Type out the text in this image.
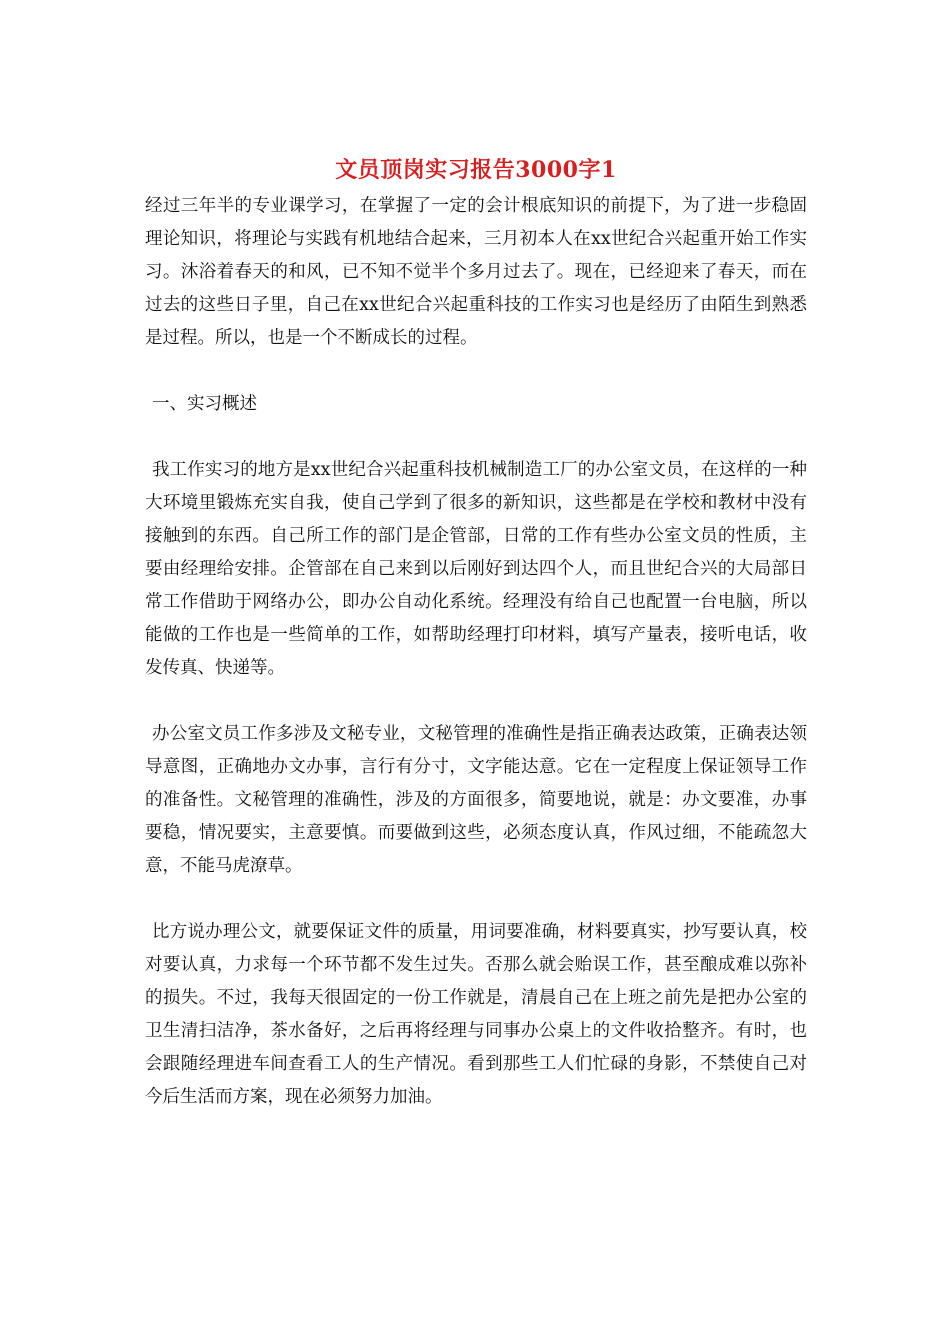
文员顶岗实习报告3000字1

经过三年半的专业课学习，在掌握了一定的会计根底知识的前提下，为了进一步稳固理论知识，将理论与实践有机地结合起来，三月初本人在xx世纪合兴起重开始工作实习。沐浴着春天的和风，已不知不觉半个多月过去了。现在，已经迎来了春天，而在过去的这些日子里，自己在xx世纪合兴起重科技的工作实习也是经历了由陌生到熟悉是过程。所以，也是一个不断成长的过程。

一、实习概述

我工作实习的地方是xx世纪合兴起重科技机械制造工厂的办公室文员，在这样的一种大环境里锻炼充实自我，使自己学到了很多的新知识，这些都是在学校和教材中没有接触到的东西。自己所工作的部门是企管部，日常的工作有些办公室文员的性质，主要由经理给安排。企管部在自己来到以后刚好到达四个人，而且世纪合兴的大局部日常工作借助于网络办公，即办公自动化系统。经理没有给自己也配置一台电脑，所以能做的工作也是一些简单的工作，如帮助经理打印材料，填写产量表，接听电话，收发传真、快递等。

办公室文员工作多涉及文秘专业，文秘管理的准确性是指正确表达政策，正确表达领导意图，正确地办文办事，言行有分寸，文字能达意。它在一定程度上保证领导工作的准备性。文秘管理的准确性，涉及的方面很多，简要地说，就是：办文要准，办事要稳，情况要实，主意要慎。而要做到这些，必须态度认真，作风过细，不能疏忽大意，不能马虎潦草。

比方说办理公文，就要保证文件的质量，用词要准确，材料要真实，抄写要认真，校对要认真，力求每一个环节都不发生过失。否那么就会贻误工作，甚至酿成难以弥补的损失。不过，我每天很固定的一份工作就是，清晨自己在上班之前先是把办公室的卫生清扫洁净，茶水备好，之后再将经理与同事办公桌上的文件收拾整齐。有时，也会跟随经理进车间查看工人的生产情况。看到那些工人们忙碌的身影，不禁使自己对今后生活而方案，现在必须努力加油。
